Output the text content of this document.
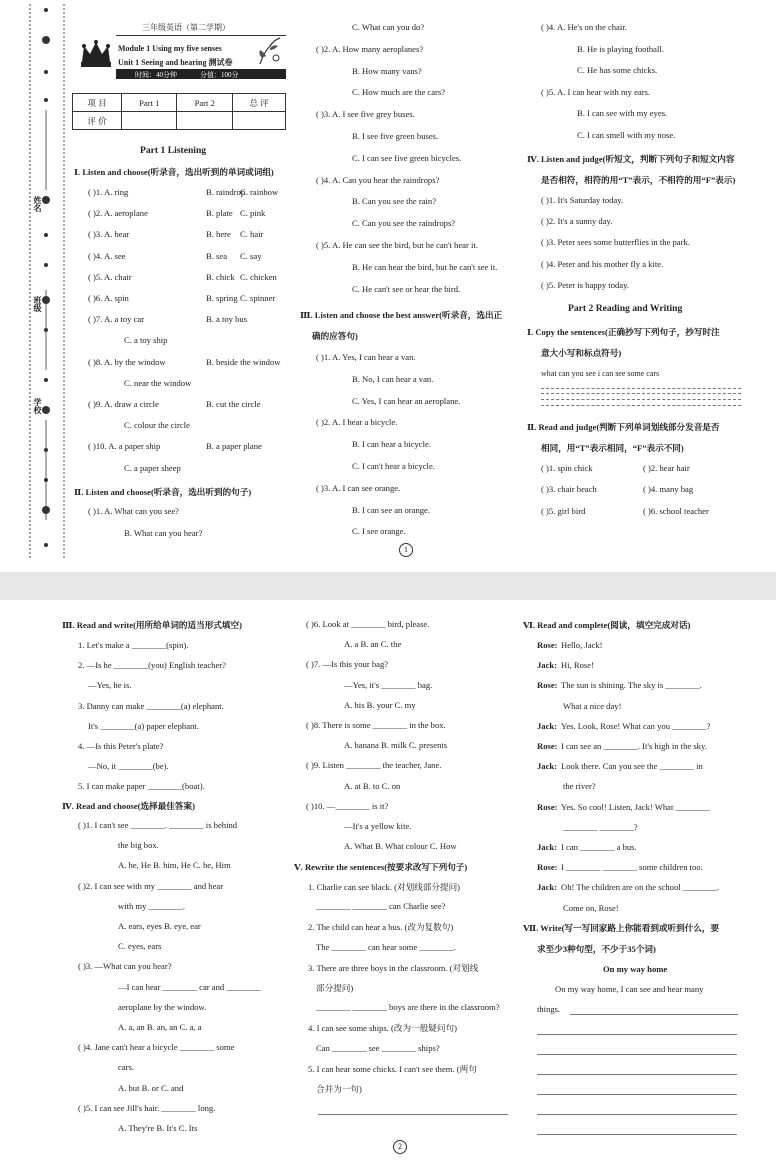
姓名
班级
学校
三年级英语（第二学期）
Module 1 Using my five senses
Unit 1 Seeing and hearing 测试卷
时间：40分钟	分值：100分
项 目	Part 1	Part 2	总 评
评 价			
Part 1 Listening
Ⅰ. Listen and choose(听录音，选出听到的单词或词组)
( )1. A. ring	B. raindrop
C. rainbow
( )2. A. aeroplane	B. plate C. pink
( )3. A. hear	B. here C. hair
( )4. A. see	B. sea C. say
( )5. A. chair	B. chick C. chicken
( )6. A. spin	B. spring C. spinner
( )7. A. a toy car	B. a toy bus
C. a toy ship
( )8. A. by the window	B. beside the window
C. near the window
( )9. A. draw a circle	B. cut the circle
C. colour the circle
( )10. A. a paper ship	B. a paper plane
C. a paper sheep
Ⅱ. Listen and choose(听录音，选出听到的句子)
( )1. A. What can you see?
B. What can you hear?
C. What can you do?
( )2. A. How many aeroplanes?
B. How many vans?
C. How much are the cars?
( )3. A. I see five grey buses.
B. I see five green buses.
C. I can see five green bicycles.
( )4. A. Can you hear the raindrops?
B. Can you see the rain?
C. Can you see the raindrops?
( )5. A. He can see the bird, but he can't hear it.
B. He can hear the bird, but he can't see it.
C. He can't see or hear the bird.
Ⅲ. Listen and choose the best answer(听录音，选出正
确的应答句)
( )1. A. Yes, I can hear a van.
B. No, I can hear a van.
C. Yes, I can hear an aeroplane.
( )2. A. I hear a bicycle.
B. I can hear a bicycle.
C. I can't hear a bicycle.
( )3. A. I can see orange.
B. I can see an orange.
C. I see orange.
( )4. A. He's on the chair.
B. He is playing football.
C. He has some chicks.
( )5. A. I can hear with my ears.
B. I can see with my eyes.
C. I can smell with my nose.
Ⅳ. Listen and judge(听短文，判断下列句子和短文内容
是否相符，相符的用“T”表示，不相符的用“F”表示)
( )1. It's Saturday today.
( )2. It's a sunny day.
( )3. Peter sees some butterflies in the park.
( )4. Peter and his mother fly a kite.
( )5. Peter is happy today.
Part 2 Reading and Writing
Ⅰ. Copy the sentences(正确抄写下列句子，抄写时注
意大小写和标点符号)
what can you see i can see some cars
Ⅱ. Read and judge(判断下列单词划线部分发音是否
相同，用“T”表示相同，“F”表示不同)
( )1. spin chick	( )2. hear hair
( )3. chair beach	( )4. many bag
( )5. girl bird	( )6. school teacher
1
Ⅲ. Read and write(用所给单词的适当形式填空)
1. Let's make a ________(spin).
2. —Is he ________(you) English teacher?
—Yes, he is.
3. Danny can make ________(a) elephant.
It's ________(a) paper elephant.
4. —Is this Peter's plate?
—No, it ________(be).
5. I can make paper ________(boat).
Ⅳ. Read and choose(选择最佳答案)
( )1. I can't see ________. ________ is behind
the big box.
A. he, He B. him, He C. he, Him
( )2. I can see with my ________ and hear
with my ________.
A. ears, eyes B. eye, ear
C. eyes, ears
( )3. —What can you hear?
—I can hear ________ car and ________
aeroplane by the window.
A. a, an B. an, an C. a, a
( )4. Jane can't hear a bicycle ________ some
cars.
A. but B. or C. and
( )5. I can see Jill's hair. ________ long.
A. They're B. It's C. Its
( )6. Look at ________ bird, please.
A. a B. an C. the
( )7. —Is this your bag?
—Yes, it's ________ bag.
A. his B. your C. my
( )8. There is some ________ in the box.
A. banana B. milk C. presents
( )9. Listen ________ the teacher, Jane.
A. at B. to C. on
( )10. —________ is it?
—It's a yellow kite.
A. What B. What colour C. How
Ⅴ. Rewrite the sentences(按要求改写下列句子)
1. Charlie can see black. (对划线部分提问)
________ ________ can Charlie see?
2. The child can hear a bus. (改为复数句)
The ________ can hear some ________.
3. There are three boys in the classroom. (对划线
部分提问)
________ ________ boys are there in the classroom?
4. I can see some ships. (改为一般疑问句)
Can ________ see ________ ships?
5. I can hear some chicks. I can't see them. (两句
合并为一句)
Ⅵ. Read and complete(阅读，填空完成对话)
Rose: Hello, Jack!
Jack: Hi, Rose!
Rose: The sun is shining. The sky is ________.
What a nice day!
Jack: Yes. Look, Rose! What can you ________?
Rose: I can see an ________. It's high in the sky.
Jack: Look there. Can you see the ________ in
the river?
Rose: Yes. So cool! Listen, Jack! What ________
________ ________?
Jack: I can ________ a bus.
Rose: I ________ ________ some children too.
Jack: Oh! The children are on the school ________.
Come on, Rose!
Ⅶ. Write(写一写回家路上你能看到或听到什么，要
求至少3种句型，不少于35个词)
On my way home
On my way home, I can see and hear many
things.
2
